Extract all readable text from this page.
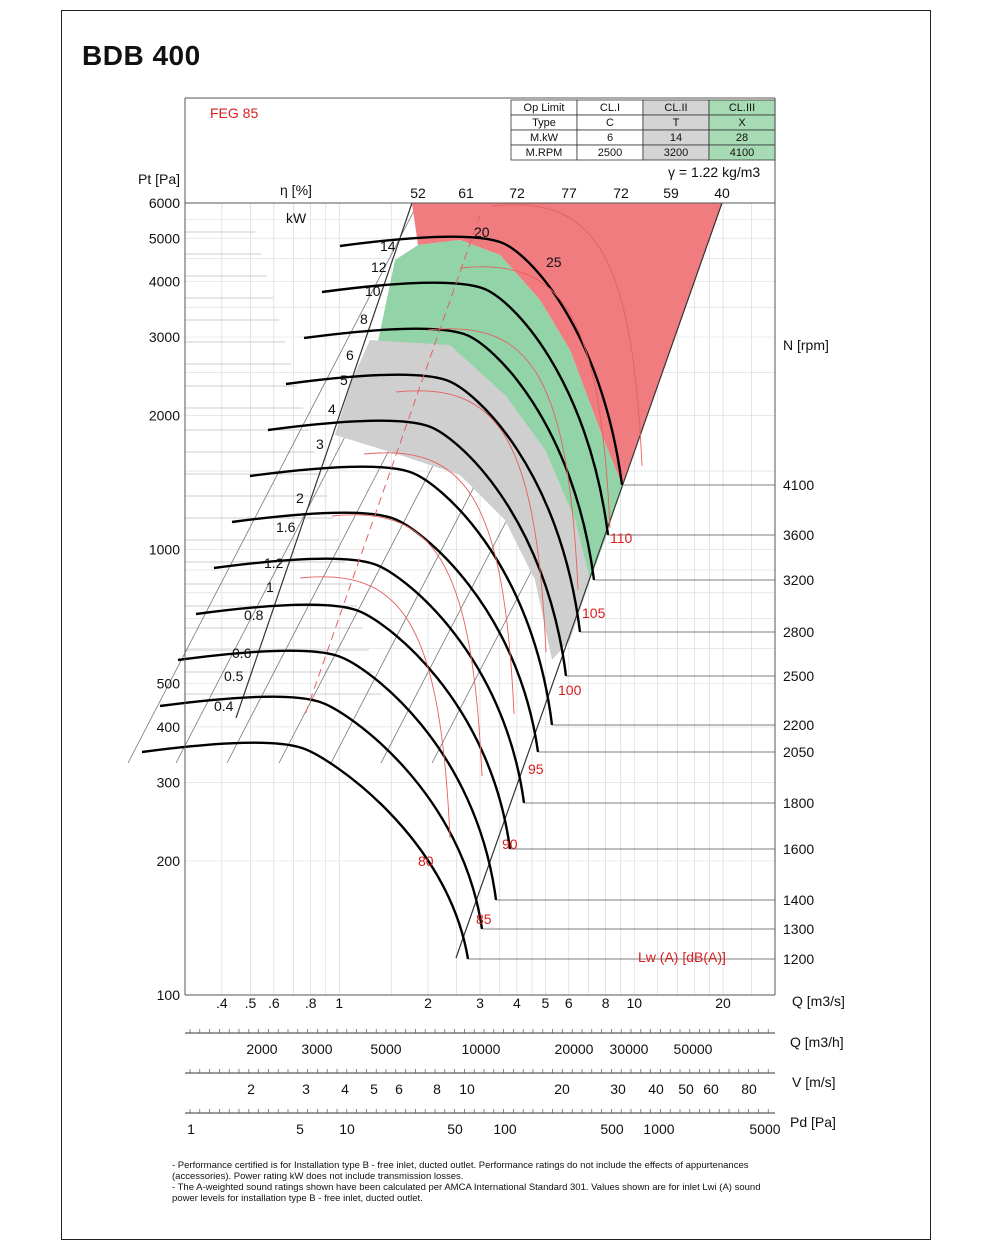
BDB 400
FEG 85
Pt [Pa]
η [%]
kW
γ = 1.22 kg/m3
N [rpm]
Lw (A) [dB(A)]
100
200
300
400
500
1000
2000
3000
4000
5000
6000
.4 .5 .6 .8 1	2	3 4 5 6 8 10	20	Q [m3/s]
52 61	72	77	72 59	40
4100
3600
3200
2800
2500
2200
2050
1800
1600
1400
1300
1200
80
85
90
95
100
105
110
0.4
0.5
0.6
0.8
1
1.2
1.6
2
3
4
5
6
8
10
12
14
20
25
2000 3000	5000	10000	20000 30000 50000	Q [m3/h]
2	3 4 5 6 8 10	20	30 40 50 60 80	V [m/s]
1	5	10	50 100	500 1000	5000 Pd [Pa]
Op Limit	CL.I	CL.II	CL.III
Type	C	T	X
M.kW	6	14	28
M.RPM	2500	3200	4100

- Performance certified is for Installation type B - free inlet, ducted outlet. Performance ratings do not include the effects of appurtenances (accessories). Power rating kW does not include transmission losses.

- The A-weighted sound ratings shown have been calculated per AMCA International Standard 301. Values shown are for inlet Lwi (A) sound power levels for installation type B - free inlet, ducted outlet.
